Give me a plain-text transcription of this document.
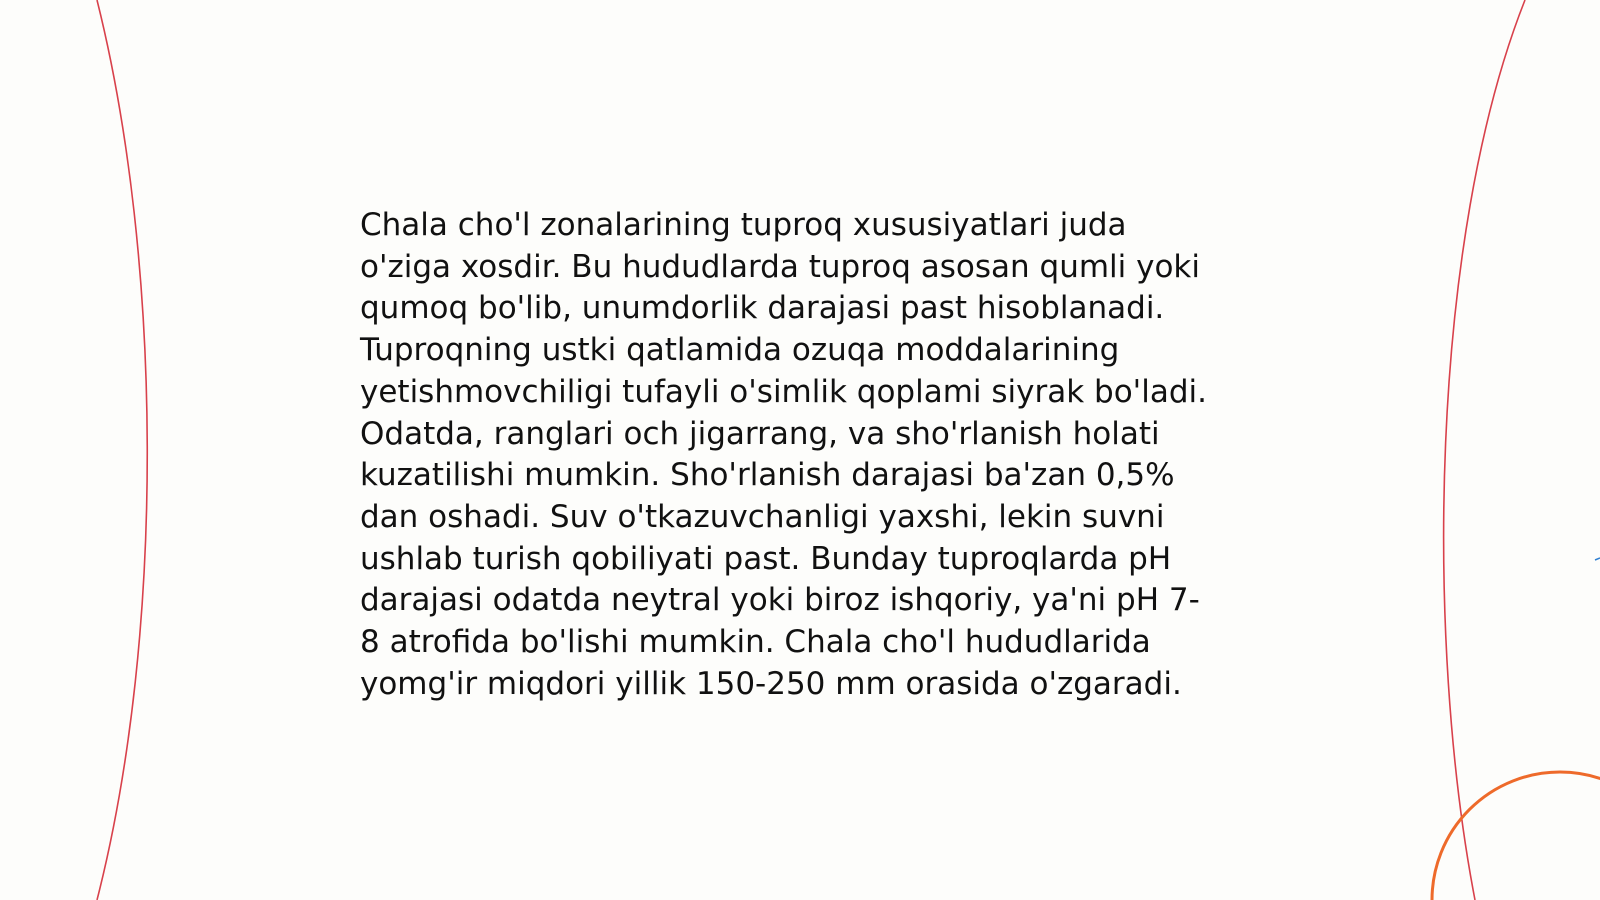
Chala cho'l zonalarining tuproq xususiyatlari juda
o'ziga xosdir. Bu hududlarda tuproq asosan qumli yoki
qumoq bo'lib, unumdorlik darajasi past hisoblanadi.
Tuproqning ustki qatlamida ozuqa moddalarining
yetishmovchiligi tufayli o'simlik qoplami siyrak bo'ladi.
Odatda, ranglari och jigarrang, va sho'rlanish holati
kuzatilishi mumkin. Sho'rlanish darajasi ba'zan 0,5%
dan oshadi. Suv o'tkazuvchanligi yaxshi, lekin suvni
ushlab turish qobiliyati past. Bunday tuproqlarda pH
darajasi odatda neytral yoki biroz ishqoriy, ya'ni pH 7-
8 atrofida bo'lishi mumkin. Chala cho'l hududlarida
yomg'ir miqdori yillik 150-250 mm orasida o'zgaradi.
